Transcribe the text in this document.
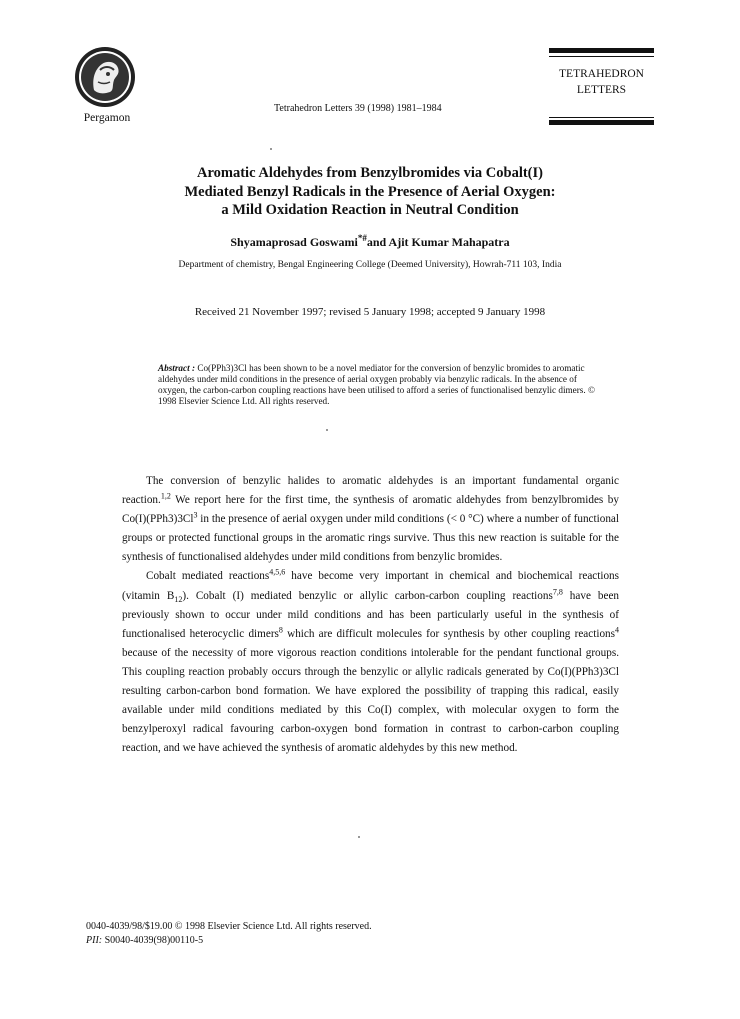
Pergamon
Tetrahedron Letters 39 (1998) 1981–1984
TETRAHEDRON
LETTERS
Aromatic Aldehydes from Benzylbromides via Cobalt(I)
Mediated Benzyl Radicals in the Presence of Aerial Oxygen:
a Mild Oxidation Reaction in Neutral Condition
Shyamaprosad Goswami*#and Ajit Kumar Mahapatra
Department of chemistry, Bengal Engineering College (Deemed University), Howrah-711 103, India
Received 21 November 1997; revised 5 January 1998; accepted 9 January 1998
Abstract : Co(PPh3)3Cl has been shown to be a novel mediator for the conversion of benzylic bromides to aromatic aldehydes under mild conditions in the presence of aerial oxygen probably via benzylic radicals. In the absence of oxygen, the carbon-carbon coupling reactions have been utilised to afford a series of functionalised benzylic dimers. © 1998 Elsevier Science Ltd. All rights reserved.

The conversion of benzylic halides to aromatic aldehydes is an important fundamental organic reaction.$^{1,2}$ We report here for the first time, the synthesis of aromatic aldehydes from benzylbromides by Co(I)(PPh3)3Cl$^3$ in the presence of aerial oxygen under mild conditions (< 0 °C) where a number of functional groups or protected functional groups in the aromatic rings survive. Thus this new reaction is suitable for the synthesis of functionalised aldehydes under mild conditions from benzylic bromides.

Cobalt mediated reactions$^{4,5,6}$ have become very important in chemical and biochemical reactions (vitamin $B_{12}$). Cobalt (I) mediated benzylic or allylic carbon-carbon coupling reactions$^{7,8}$ have been previously shown to occur under mild conditions and has been particularly useful in the synthesis of functionalised heterocyclic dimers$^8$ which are difficult molecules for synthesis by other coupling reactions$^4$ because of the necessity of more vigorous reaction conditions intolerable for the pendant functional groups. This coupling reaction probably occurs through the benzylic or allylic radicals generated by Co(I)(PPh3)3Cl resulting carbon-carbon bond formation. We have explored the possibility of trapping this radical, easily available under mild conditions mediated by this Co(I) complex, with molecular oxygen to form the benzylperoxyl radical favouring carbon-oxygen bond formation in contrast to carbon-carbon coupling reaction, and we have achieved the synthesis of aromatic aldehydes by this new method.

0040-4039/98/$19.00 © 1998 Elsevier Science Ltd. All rights reserved.
PII: S0040-4039(98)00110-5
